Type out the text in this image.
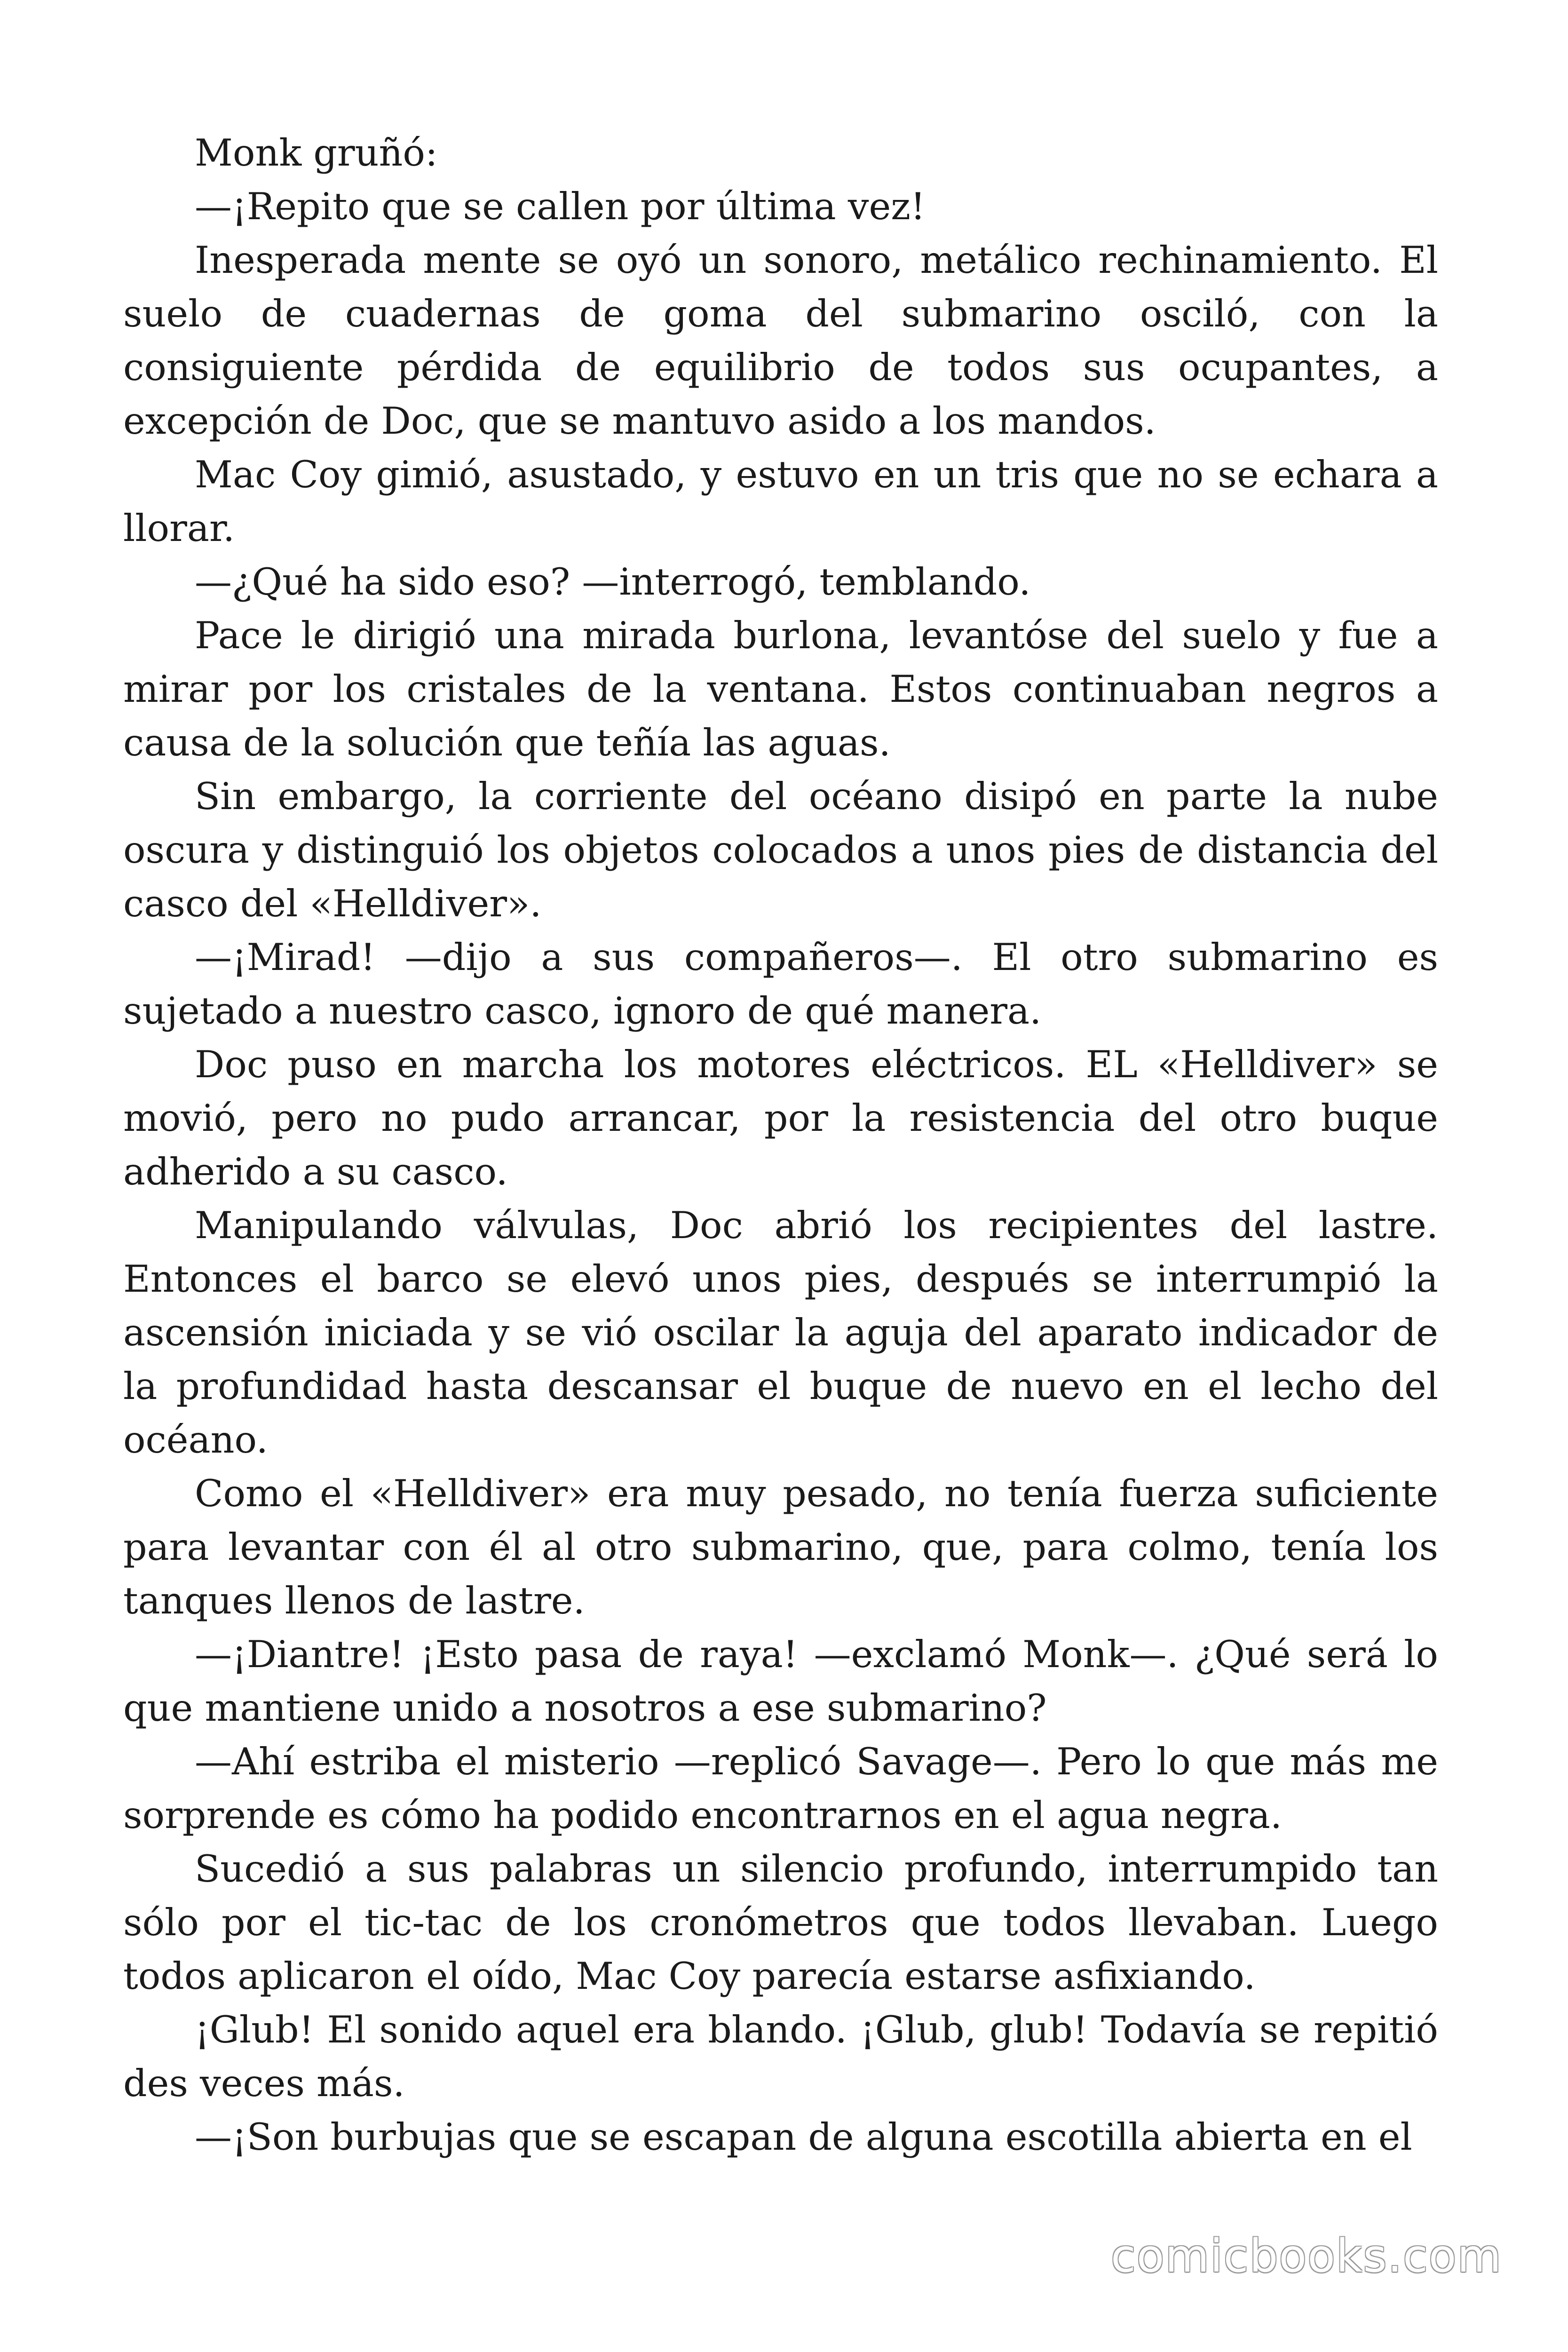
Monk gruñó:

—¡Repito que se callen por última vez!

Inesperada mente se oyó un sonoro, metálico rechinamiento. El suelo de cuadernas de goma del submarino osciló, con la consiguiente pérdida de equilibrio de todos sus ocupantes, a excepción de Doc, que se mantuvo asido a los mandos.

Mac Coy gimió, asustado, y estuvo en un tris que no se echara a llorar.

—¿Qué ha sido eso? —interrogó, temblando.

Pace le dirigió una mirada burlona, levantóse del suelo y fue a mirar por los cristales de la ventana. Estos continuaban negros a causa de la solución que teñía las aguas.

Sin embargo, la corriente del océano disipó en parte la nube oscura y distinguió los objetos colocados a unos pies de distancia del casco del «Helldiver».

—¡Mirad! —dijo a sus compañeros—. El otro submarino es sujetado a nuestro casco, ignoro de qué manera.

Doc puso en marcha los motores eléctricos. EL «Helldiver» se movió, pero no pudo arrancar, por la resistencia del otro buque adherido a su casco.

Manipulando válvulas, Doc abrió los recipientes del lastre. Entonces el barco se elevó unos pies, después se interrumpió la ascensión iniciada y se vió oscilar la aguja del aparato indicador de la profundidad hasta descansar el buque de nuevo en el lecho del océano.

Como el «Helldiver» era muy pesado, no tenía fuerza suficiente para levantar con él al otro submarino, que, para colmo, tenía los tanques llenos de lastre.

—¡Diantre! ¡Esto pasa de raya! —exclamó Monk—. ¿Qué será lo que mantiene unido a nosotros a ese submarino?

—Ahí estriba el misterio —replicó Savage—. Pero lo que más me sorprende es cómo ha podido encontrarnos en el agua negra.

Sucedió a sus palabras un silencio profundo, interrumpido tan sólo por el tic-tac de los cronómetros que todos llevaban. Luego todos aplicaron el oído, Mac Coy parecía estarse asfixiando.

¡Glub! El sonido aquel era blando. ¡Glub, glub! Todavía se repitió des veces más.

—¡Son burbujas que se escapan de alguna escotilla abierta en el

comicbooks.com
